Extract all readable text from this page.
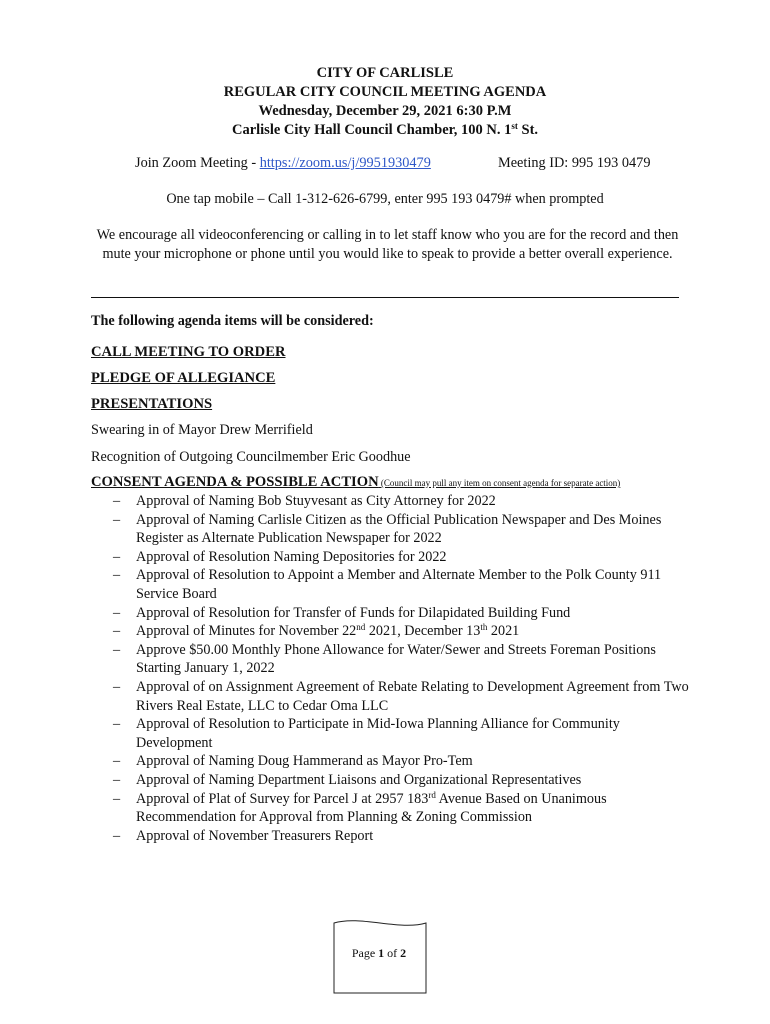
CITY OF CARLISLE
REGULAR CITY COUNCIL MEETING AGENDA
Wednesday, December 29, 2021 6:30 P.M
Carlisle City Hall Council Chamber, 100 N. 1st St.
Join Zoom Meeting - https://zoom.us/j/9951930479	Meeting ID: 995 193 0479
One tap mobile – Call 1-312-626-6799, enter 995 193 0479# when prompted
We encourage all videoconferencing or calling in to let staff know who you are for the record and then mute your microphone or phone until you would like to speak to provide a better overall experience.
The following agenda items will be considered:
CALL MEETING TO ORDER
PLEDGE OF ALLEGIANCE
PRESENTATIONS
Swearing in of Mayor Drew Merrifield
Recognition of Outgoing Councilmember Eric Goodhue
CONSENT AGENDA & POSSIBLE ACTION (Council may pull any item on consent agenda for separate action)
– Approval of Naming Bob Stuyvesant as City Attorney for 2022
– Approval of Naming Carlisle Citizen as the Official Publication Newspaper and Des Moines Register as Alternate Publication Newspaper for 2022
– Approval of Resolution Naming Depositories for 2022
– Approval of Resolution to Appoint a Member and Alternate Member to the Polk County 911 Service Board
– Approval of Resolution for Transfer of Funds for Dilapidated Building Fund
– Approval of Minutes for November 22nd 2021, December 13th 2021
– Approve $50.00 Monthly Phone Allowance for Water/Sewer and Streets Foreman Positions Starting January 1, 2022
– Approval of on Assignment Agreement of Rebate Relating to Development Agreement from Two Rivers Real Estate, LLC to Cedar Oma LLC
– Approval of Resolution to Participate in Mid-Iowa Planning Alliance for Community Development
– Approval of Naming Doug Hammerand as Mayor Pro-Tem
– Approval of Naming Department Liaisons and Organizational Representatives
– Approval of Plat of Survey for Parcel J at 2957 183rd Avenue Based on Unanimous Recommendation for Approval from Planning & Zoning Commission
– Approval of November Treasurers Report
Page 1 of 2
